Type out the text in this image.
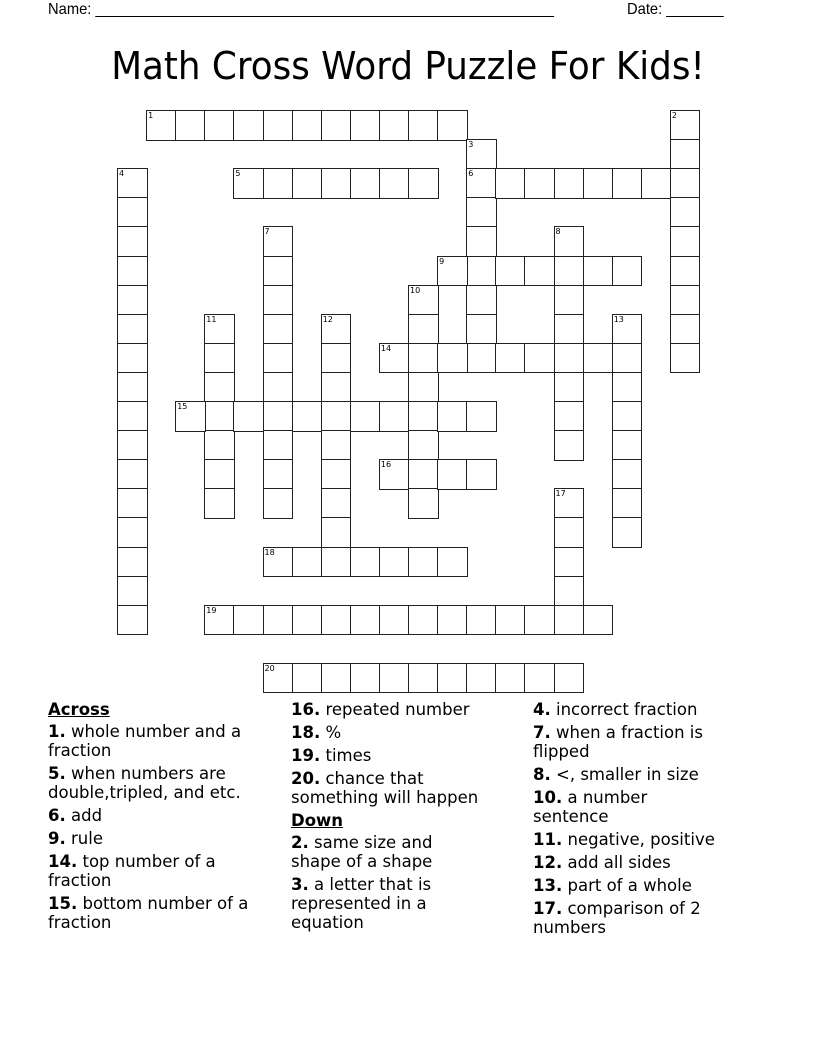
Name: ________________________________________________________	Date: _______
Math Cross Word Puzzle For Kids!
1	2
3
6
4	5
7	8
9
10
11	12	13
14
15
16
17
18
19
20
Across
1. whole number and a fraction
5. when numbers are double,tripled, and etc.
6. add
9. rule
14. top number of a fraction
15. bottom number of a fraction
16. repeated number
18. %
19. times
20. chance that something will happen
Down
2. same size and shape of a shape
3. a letter that is represented in a equation
4. incorrect fraction
7. when a fraction is flipped
8. <, smaller in size
10. a number sentence
11. negative, positive
12. add all sides
13. part of a whole
17. comparison of 2 numbers
